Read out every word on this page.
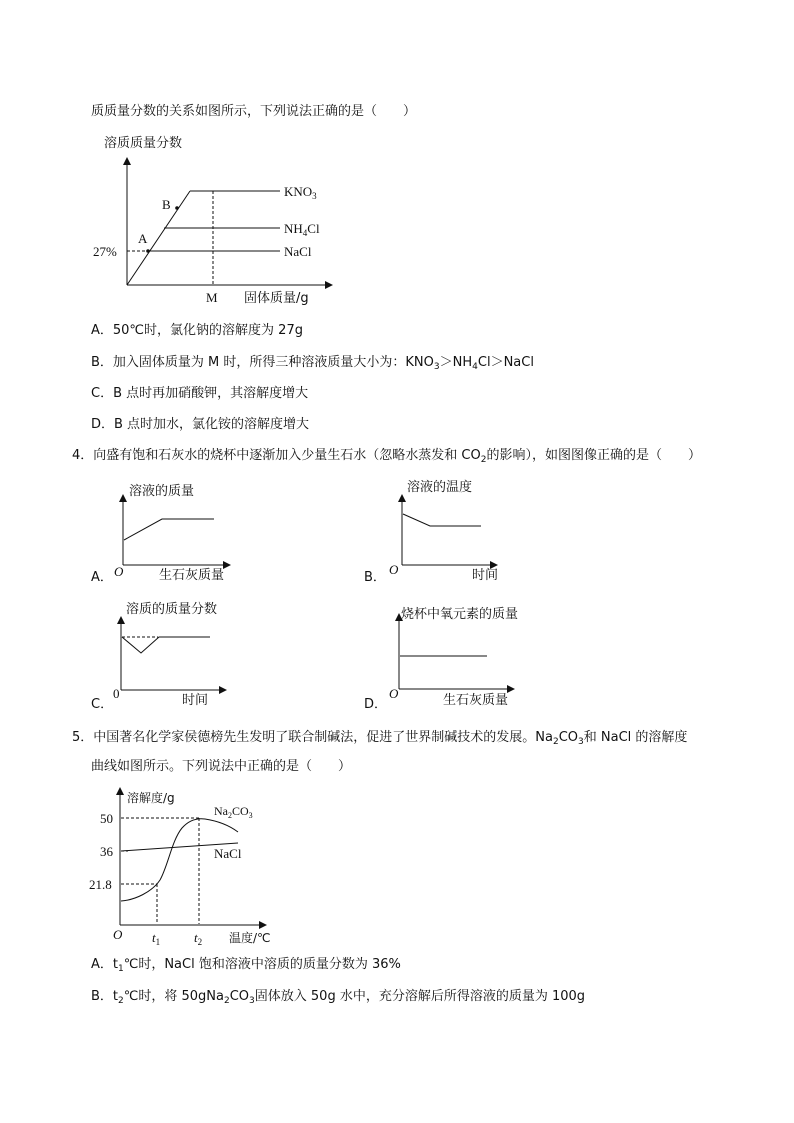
质质量分数的关系如图所示，下列说法正确的是（　　）
溶质质量分数
A
B
27%
M 固体质量/g
$KNO_3$
$NH_4Cl$
NaCl
O	O
0	O
50
36
21.8
O $t_1$	$t_2$ 温度/℃
溶解度/g
$Na_2CO_3$
NaCl
A．50℃时，氯化钠的溶解度为 27g
B．加入固体质量为 M 时，所得三种溶液质量大小为：$KNO_3>NH_4Cl>NaCl$
C．B 点时再加硝酸钾，其溶解度增大
D．B 点时加水，氯化铵的溶解度增大
4．向盛有饱和石灰水的烧杯中逐渐加入少量生石水（忽略水蒸发和 $CO_2$的影响），如图图像正确的是（　　）
溶液的质量
生石灰质量
A．
溶液的温度
时间
B．
溶质的质量分数
时间
C．
烧杯中氧元素的质量
生石灰质量
D．
5．中国著名化学家侯德榜先生发明了联合制碱法，促进了世界制碱技术的发展。$Na_2CO_3$和 NaCl 的溶解度
曲线如图所示。下列说法中正确的是（　　）
A．$t_1℃$时，NaCl 饱和溶液中溶质的质量分数为 36%
B．$t_2℃$时，将 $50gNa_2CO_3$固体放入 50g 水中，充分溶解后所得溶液的质量为 100g
